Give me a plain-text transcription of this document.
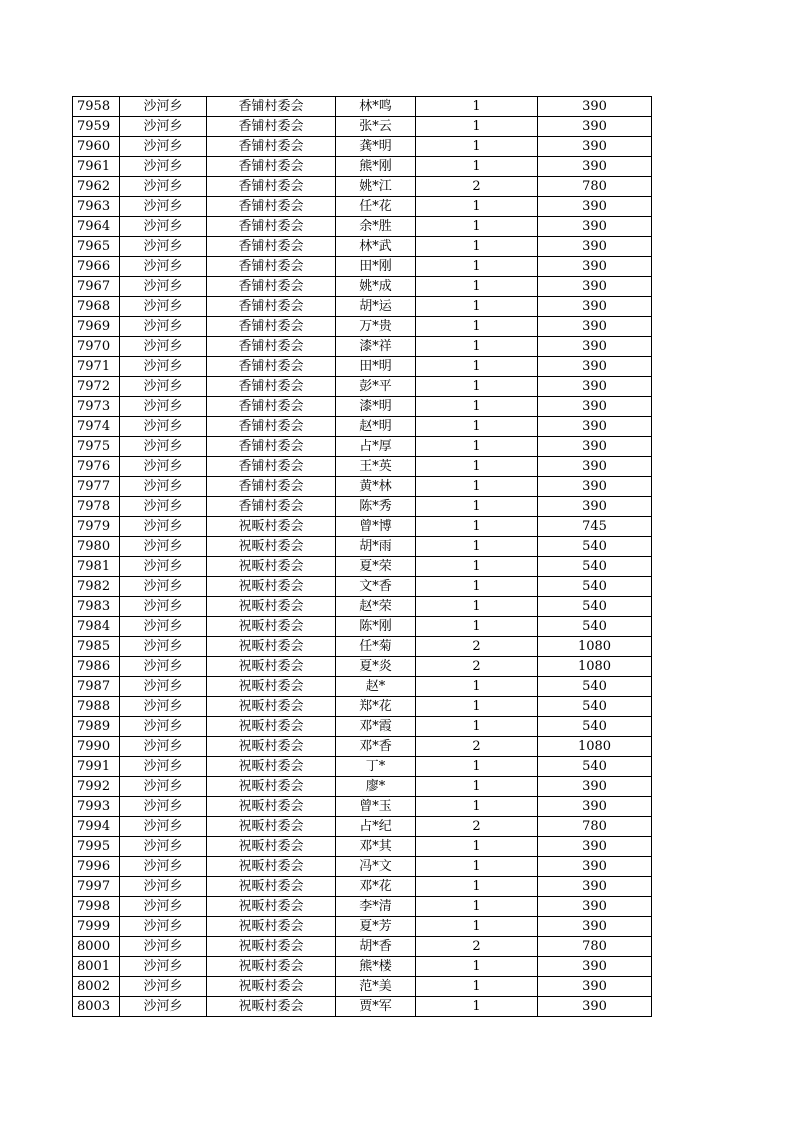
7958	沙河乡	香铺村委会	林*鸣	1	390
7959	沙河乡	香铺村委会	张*云	1	390
7960	沙河乡	香铺村委会	龚*明	1	390
7961	沙河乡	香铺村委会	熊*刚	1	390
7962	沙河乡	香铺村委会	姚*江	2	780
7963	沙河乡	香铺村委会	任*花	1	390
7964	沙河乡	香铺村委会	余*胜	1	390
7965	沙河乡	香铺村委会	林*武	1	390
7966	沙河乡	香铺村委会	田*刚	1	390
7967	沙河乡	香铺村委会	姚*成	1	390
7968	沙河乡	香铺村委会	胡*运	1	390
7969	沙河乡	香铺村委会	万*贵	1	390
7970	沙河乡	香铺村委会	漆*祥	1	390
7971	沙河乡	香铺村委会	田*明	1	390
7972	沙河乡	香铺村委会	彭*平	1	390
7973	沙河乡	香铺村委会	漆*明	1	390
7974	沙河乡	香铺村委会	赵*明	1	390
7975	沙河乡	香铺村委会	占*厚	1	390
7976	沙河乡	香铺村委会	王*英	1	390
7977	沙河乡	香铺村委会	黄*林	1	390
7978	沙河乡	香铺村委会	陈*秀	1	390
7979	沙河乡	祝畈村委会	曾*博	1	745
7980	沙河乡	祝畈村委会	胡*雨	1	540
7981	沙河乡	祝畈村委会	夏*荣	1	540
7982	沙河乡	祝畈村委会	文*香	1	540
7983	沙河乡	祝畈村委会	赵*荣	1	540
7984	沙河乡	祝畈村委会	陈*刚	1	540
7985	沙河乡	祝畈村委会	任*菊	2	1080
7986	沙河乡	祝畈村委会	夏*炎	2	1080
7987	沙河乡	祝畈村委会	赵*	1	540
7988	沙河乡	祝畈村委会	郑*花	1	540
7989	沙河乡	祝畈村委会	邓*霞	1	540
7990	沙河乡	祝畈村委会	邓*香	2	1080
7991	沙河乡	祝畈村委会	丁*	1	540
7992	沙河乡	祝畈村委会	廖*	1	390
7993	沙河乡	祝畈村委会	曾*玉	1	390
7994	沙河乡	祝畈村委会	占*纪	2	780
7995	沙河乡	祝畈村委会	邓*其	1	390
7996	沙河乡	祝畈村委会	冯*文	1	390
7997	沙河乡	祝畈村委会	邓*花	1	390
7998	沙河乡	祝畈村委会	李*清	1	390
7999	沙河乡	祝畈村委会	夏*芳	1	390
8000	沙河乡	祝畈村委会	胡*香	2	780
8001	沙河乡	祝畈村委会	熊*楼	1	390
8002	沙河乡	祝畈村委会	范*美	1	390
8003	沙河乡	祝畈村委会	贾*军	1	390
